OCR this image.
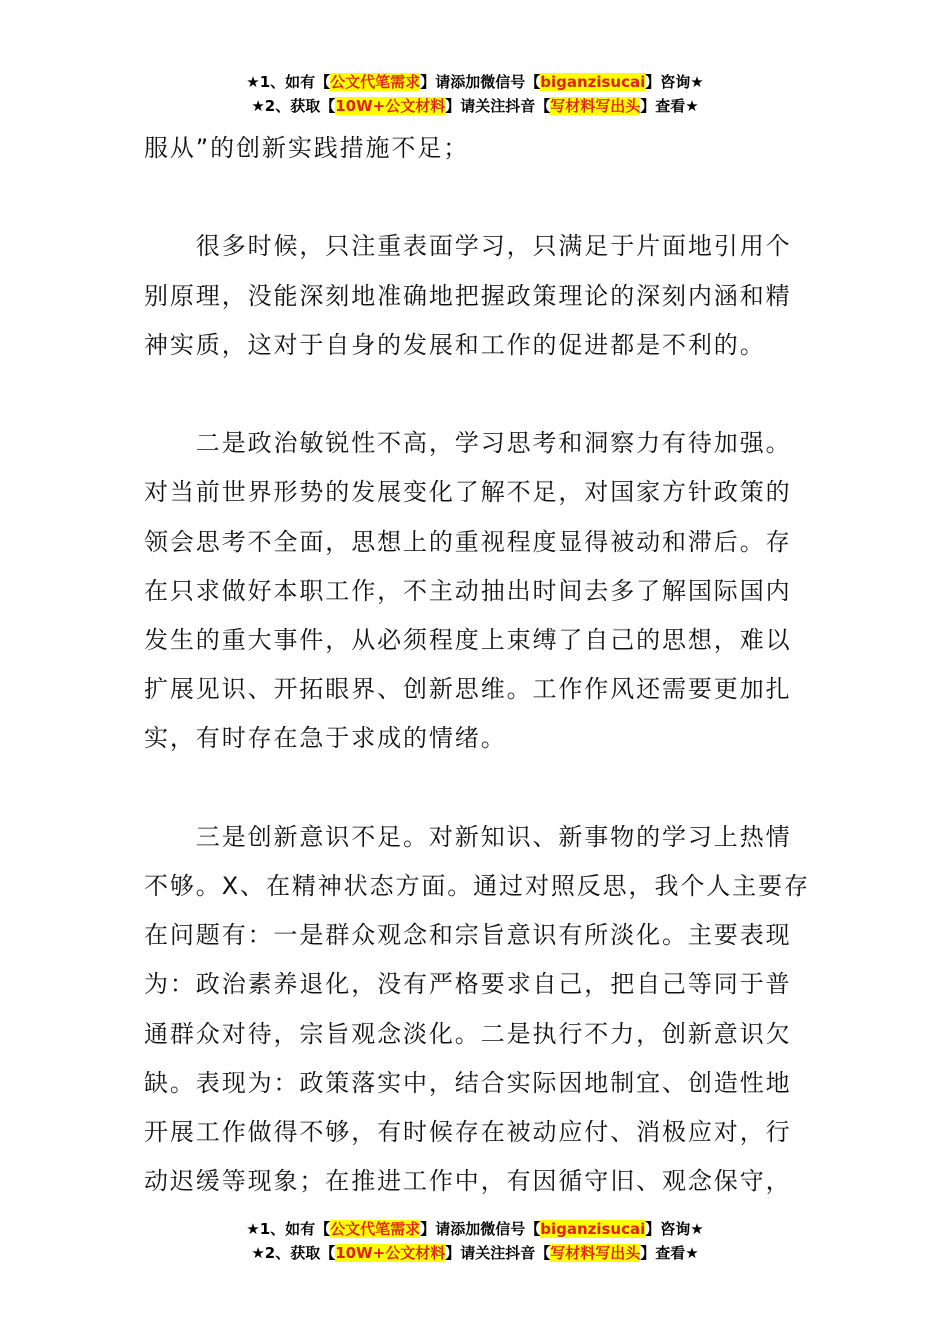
★1、如有【公文代笔需求】请添加微信号【biganzisucai】咨询★
★2、获取【10W+公文材料】请关注抖音【写材料写出头】查看★

服从”的创新实践措施不足；

　　很多时候，只注重表面学习，只满足于片面地引用个
别原理，没能深刻地准确地把握政策理论的深刻内涵和精
神实质，这对于自身的发展和工作的促进都是不利的。

　　二是政治敏锐性不高，学习思考和洞察力有待加强。
对当前世界形势的发展变化了解不足，对国家方针政策的
领会思考不全面，思想上的重视程度显得被动和滞后。存
在只求做好本职工作，不主动抽出时间去多了解国际国内
发生的重大事件，从必须程度上束缚了自己的思想，难以
扩展见识、开拓眼界、创新思维。工作作风还需要更加扎
实，有时存在急于求成的情绪。

　　三是创新意识不足。对新知识、新事物的学习上热情
不够。X、在精神状态方面。通过对照反思，我个人主要存
在问题有：一是群众观念和宗旨意识有所淡化。主要表现
为：政治素养退化，没有严格要求自己，把自己等同于普
通群众对待，宗旨观念淡化。二是执行不力，创新意识欠
缺。表现为：政策落实中，结合实际因地制宜、创造性地
开展工作做得不够，有时候存在被动应付、消极应对，行
动迟缓等现象；在推进工作中，有因循守旧、观念保守，

★1、如有【公文代笔需求】请添加微信号【biganzisucai】咨询★
★2、获取【10W+公文材料】请关注抖音【写材料写出头】查看★
